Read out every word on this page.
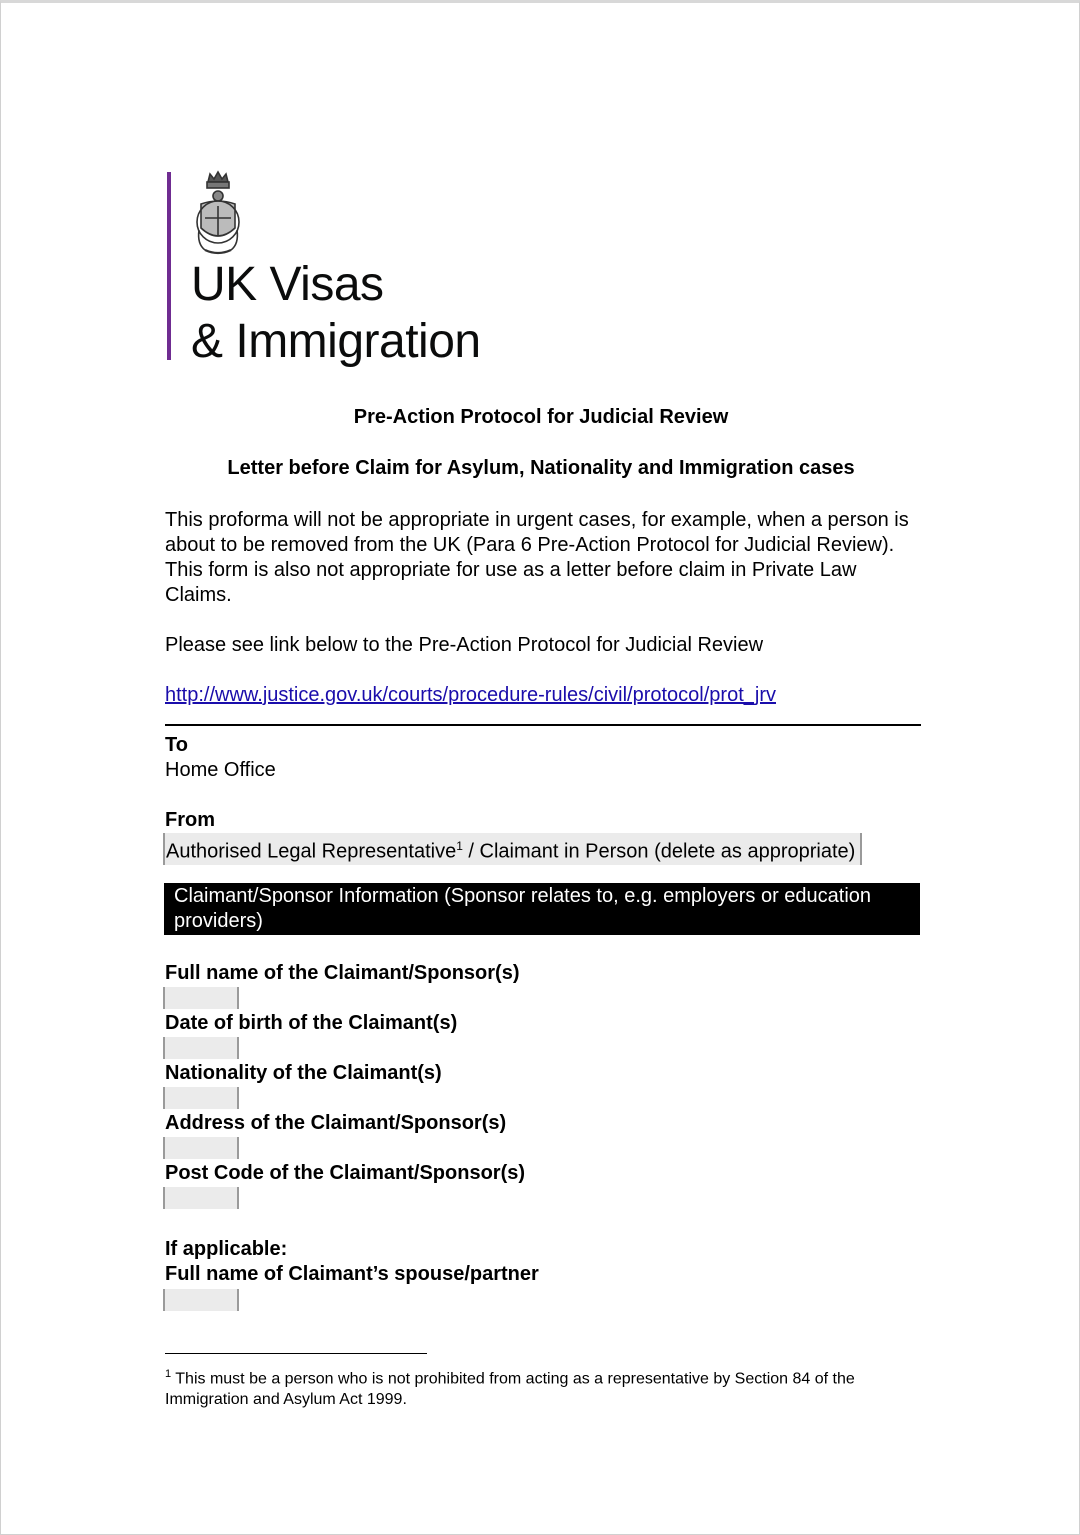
UK Visas
& Immigration
Pre-Action Protocol for Judicial Review
Letter before Claim for Asylum, Nationality and Immigration cases
This proforma will not be appropriate in urgent cases, for example, when a person is about to be removed from the UK (Para 6 Pre-Action Protocol for Judicial Review). This form is also not appropriate for use as a letter before claim in Private Law Claims.
Please see link below to the Pre-Action Protocol for Judicial Review
http://www.justice.gov.uk/courts/procedure-rules/civil/protocol/prot_jrv
To
Home Office
From
Authorised Legal Representative$^1$ / Claimant in Person (delete as appropriate)
Claimant/Sponsor Information (Sponsor relates to, e.g. employers or education providers)
Full name of the Claimant/Sponsor(s)
Date of birth of the Claimant(s)
Nationality of the Claimant(s)
Address of the Claimant/Sponsor(s)
Post Code of the Claimant/Sponsor(s)
If applicable:
Full name of Claimant’s spouse/partner
$^1$ This must be a person who is not prohibited from acting as a representative by Section 84 of the Immigration and Asylum Act 1999.
